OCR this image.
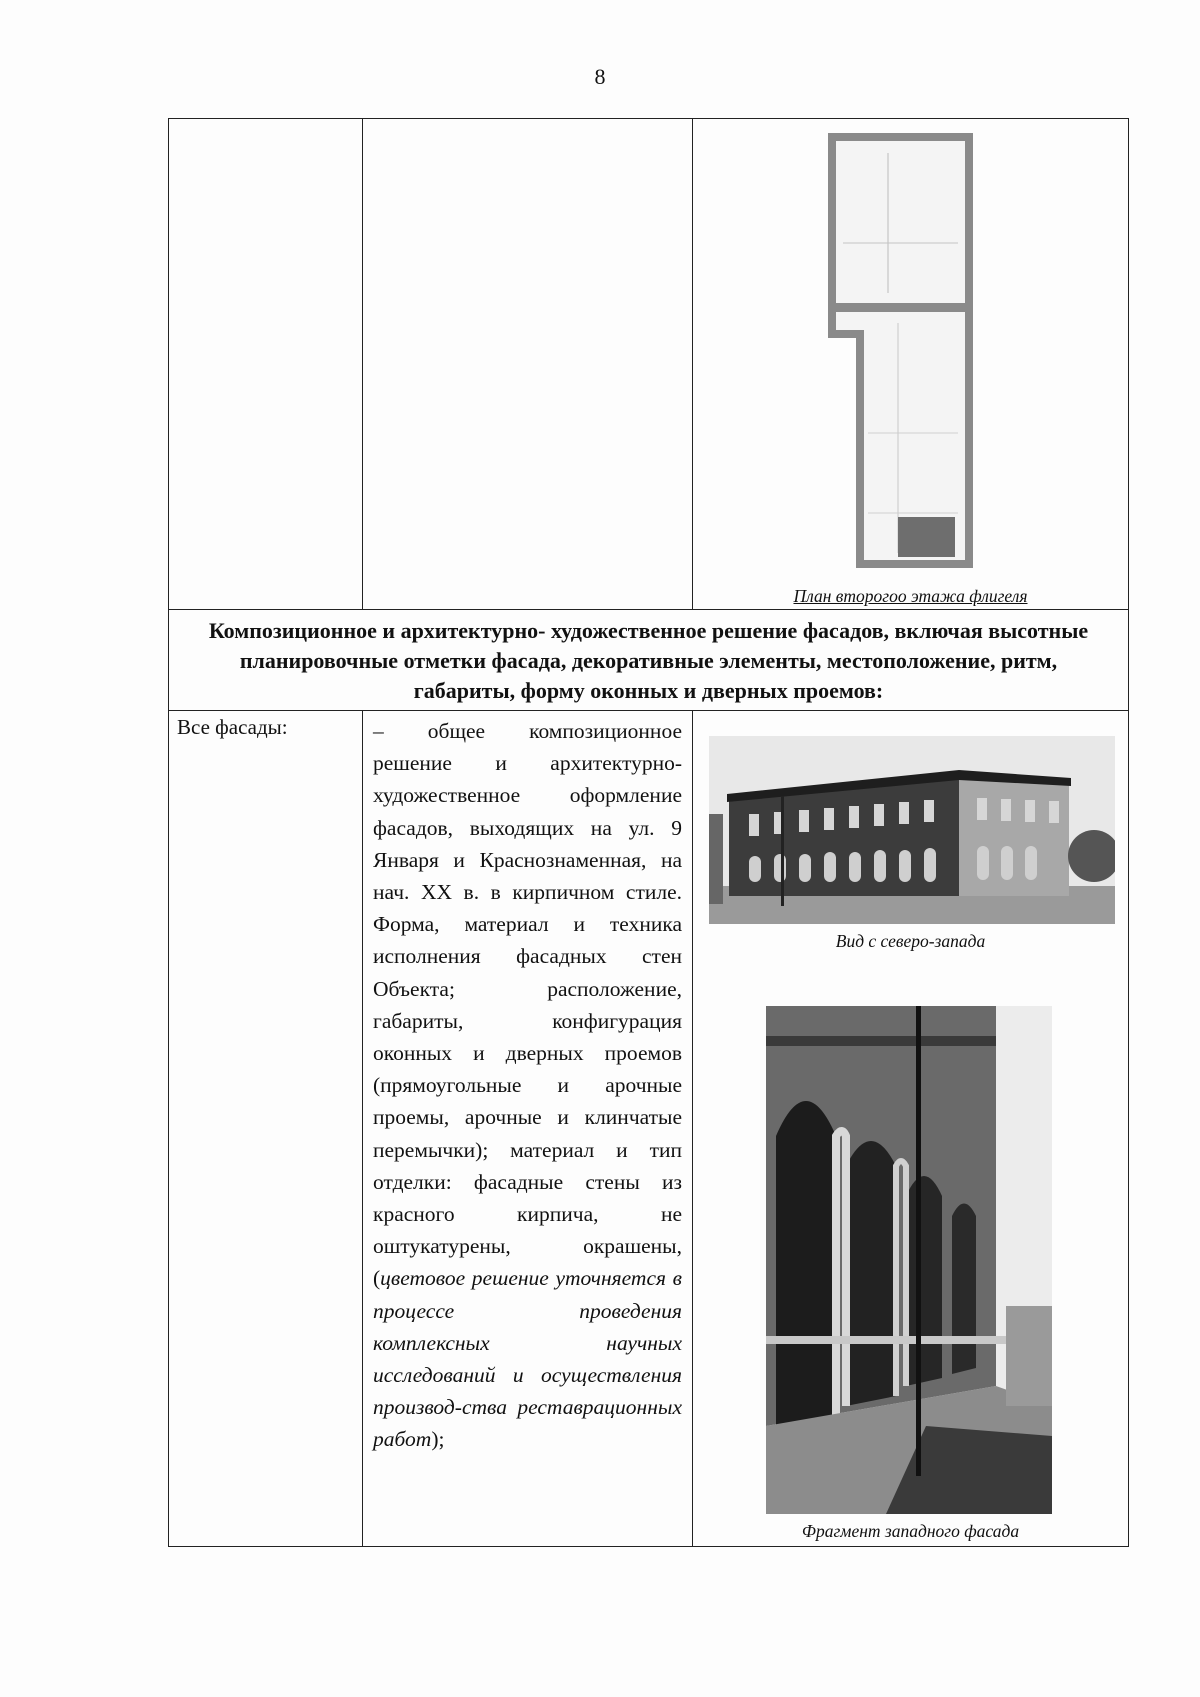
8

		План второгоо этажа флигеля

Композиционное и архитектурно- художественное решение фасадов, включая высотные планировочные отметки фасада, декоративные элементы, местоположение, ритм, габариты, форму оконных и дверных проемов:		
Все фасады:	– общее композиционное решение и архитектурно-художественное оформление фасадов, выходящих на ул. 9 Января и Краснознаменная, на нач. XX в. в кирпичном стиле. Форма, материал и техника исполнения фасадных стен Объекта; расположение, габариты, конфигурация оконных и дверных проемов (прямоугольные и арочные проемы, арочные и клинчатые перемычки); материал и тип отделки: фасадные стены из красного кирпича, не оштукатурены, окрашены, (цветовое решение уточняется в процессе проведения комплексных научных исследований и осуществления производ-ства реставрационных работ);	Вид с северо-запада
Фрагмент западного фасада
